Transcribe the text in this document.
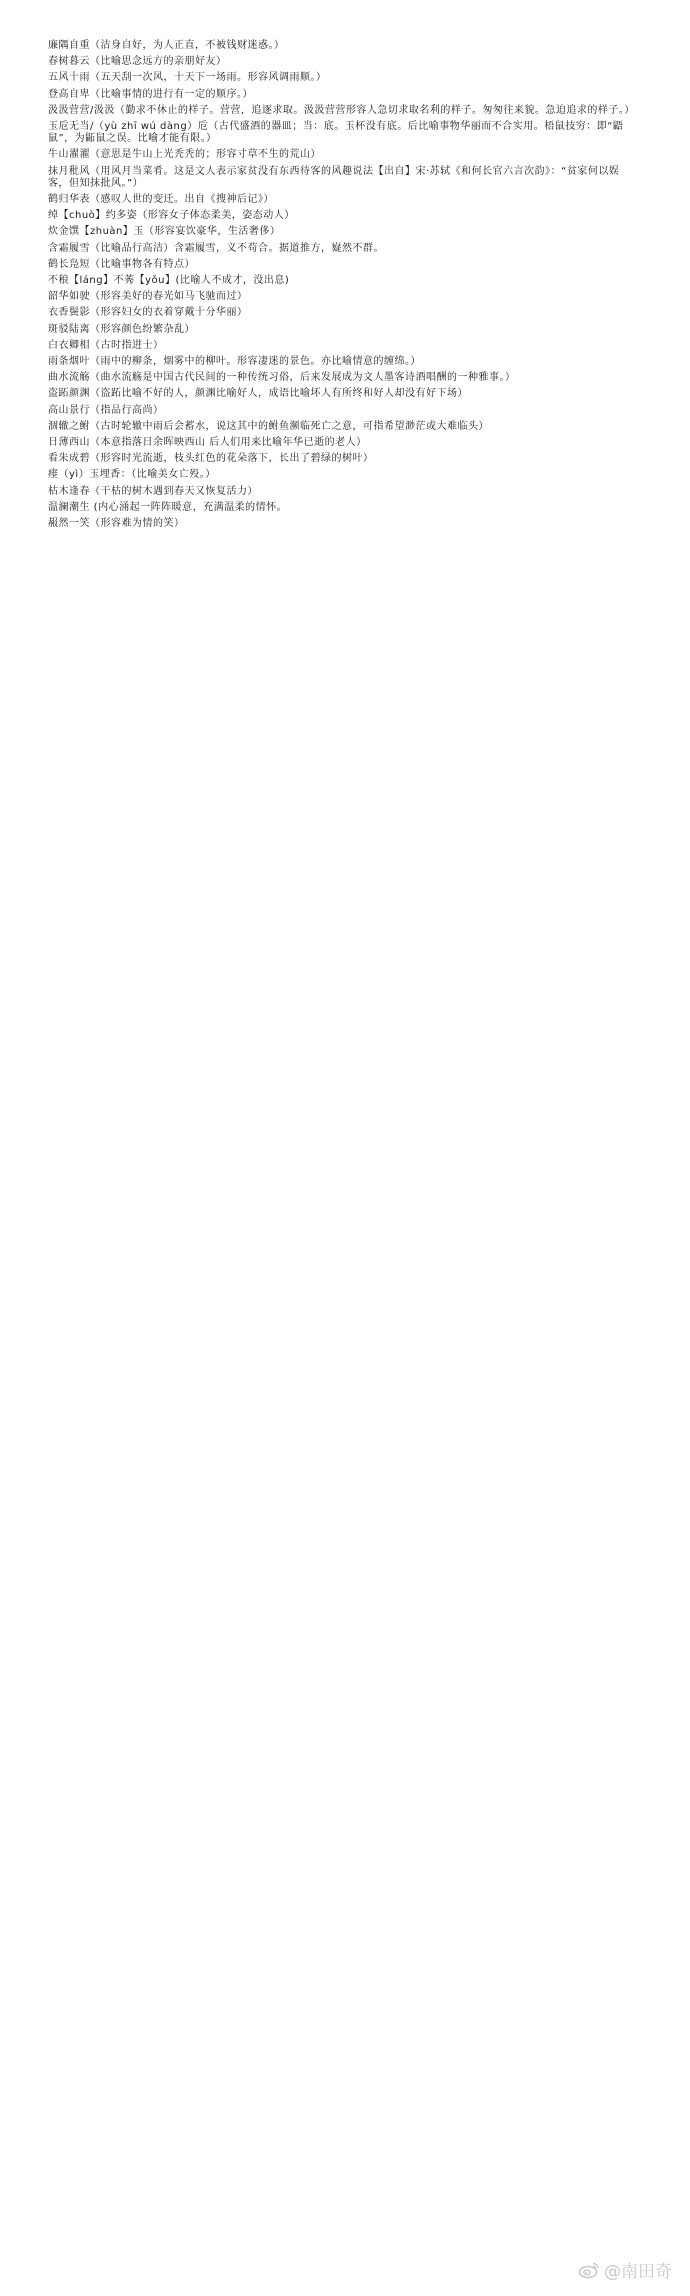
廉隅自重（洁身自好，为人正直，不被钱财迷惑。）

春树暮云（比喻思念远方的亲朋好友）

五风十雨（五天刮一次风，十天下一场雨。形容风调雨顺。）

登高自卑（比喻事情的进行有一定的顺序。）

汲汲营营/汲汲（勤求不休止的样子。营营，追逐求取。汲汲营营形容人急切求取名利的样子。匆匆往来貌。急迫追求的样子。）

玉卮无当/（yù zhī wú dàng）卮（古代盛酒的器皿；当：底。玉杯没有底。后比喻事物华丽而不合实用。梧鼠技穷：即“鼯鼠”，为鼫鼠之误。比喻才能有限。）

牛山濯濯（意思是牛山上光秃秃的；形容寸草不生的荒山）

抹月秕风（用风月当菜肴。这是文人表示家贫没有东西待客的风趣说法【出自】宋·苏轼《和何长官六言次韵》：“贫家何以娱客，但知抹批风。”）

鹤归华表（感叹人世的变迁。出自《搜神后记》）

绰【chuò】约多姿（形容女子体态柔美，姿态动人）

炊金馔【zhuàn】玉（形容宴饮豪华，生活奢侈）

含霜履雪（比喻品行高洁）含霜履雪，义不苟合。据道推方，嶷然不群。

鹤长凫短（比喻事物各有特点）

不稂【láng】不莠【yǒu】(比喻人不成才，没出息)

韶华如驶（形容美好的春光如马飞驰而过）

衣香鬓影（形容妇女的衣着穿戴十分华丽）

斑驳陆离（形容颜色纷繁杂乱）

白衣卿相（古时指进士）

雨条烟叶（雨中的柳条，烟雾中的柳叶。形容凄迷的景色。亦比喻情意的缠绵。）

曲水流觞（曲水流觞是中国古代民间的一种传统习俗，后来发展成为文人墨客诗酒唱酬的一种雅事。）

盗跖颜渊（盗跖比喻不好的人，颜渊比喻好人，成语比喻坏人有所终和好人却没有好下场）

高山景行（指品行高尚）

涸辙之鲋（古时轮辙中雨后会蓄水，说这其中的鲋鱼濒临死亡之意，可指希望渺茫或大难临头）

日薄西山（本意指落日余晖映西山 后人们用来比喻年华已逝的老人）

看朱成碧（形容时光流逝，枝头红色的花朵落下，长出了碧绿的树叶）

瘗（yì）玉埋香：（比喻美女亡殁。）

枯木逢春（干枯的树木遇到春天又恢复活力）

温澜潮生 (内心涌起一阵阵暖意，充满温柔的情怀。

赧然一笑（形容难为情的笑）

@南田奇
